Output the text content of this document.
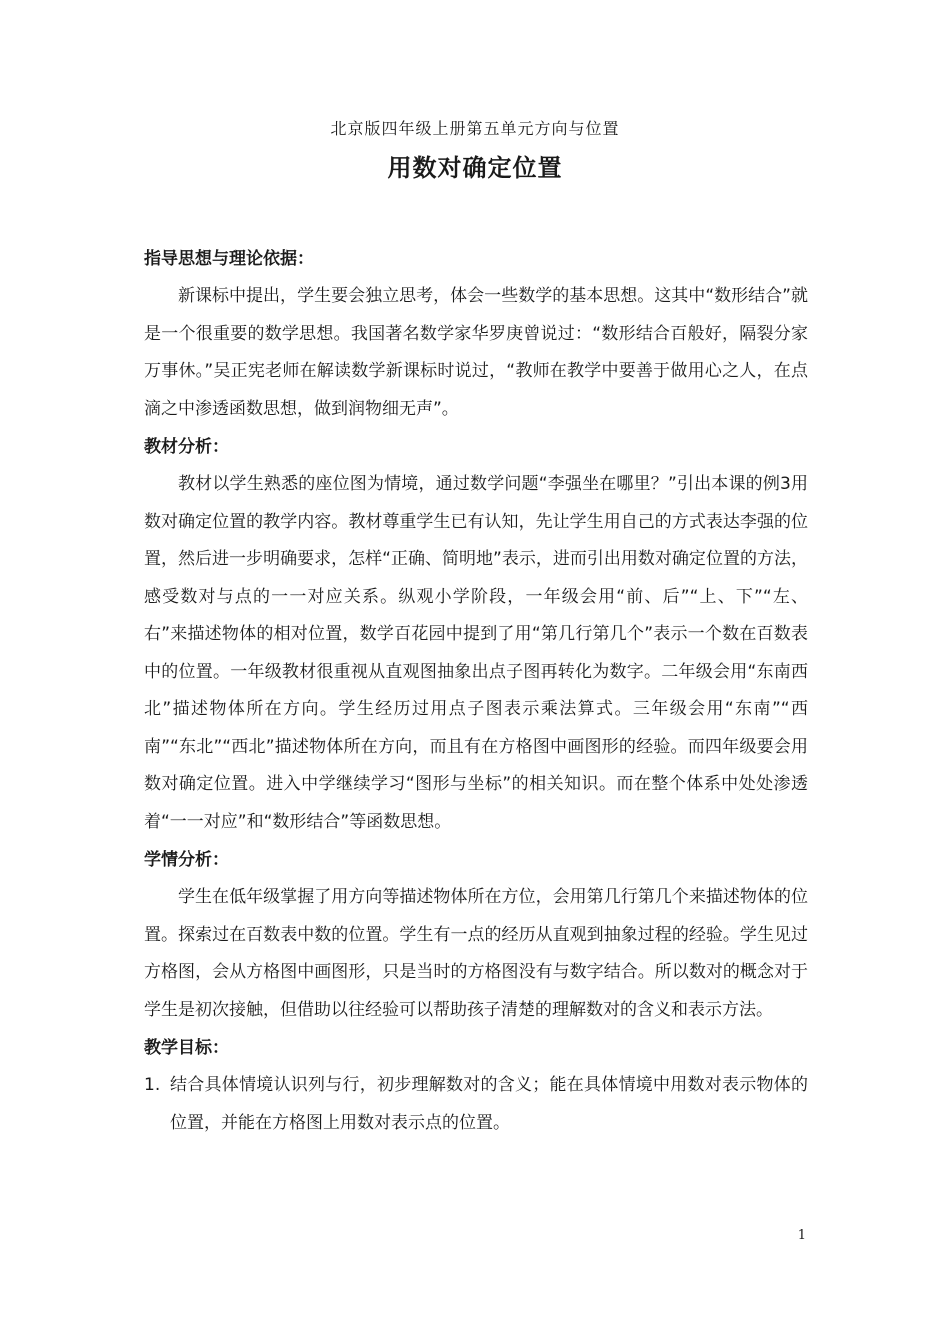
北京版四年级上册第五单元方向与位置
用数对确定位置
指导思想与理论依据：

新课标中提出，学生要会独立思考，体会一些数学的基本思想。这其中“数形结合”就是一个很重要的数学思想。我国著名数学家华罗庚曾说过：“数形结合百般好，隔裂分家万事休。”吴正宪老师在解读数学新课标时说过，“教师在教学中要善于做用心之人，在点滴之中渗透函数思想，做到润物细无声”。

教材分析：

教材以学生熟悉的座位图为情境，通过数学问题“李强坐在哪里？”引出本课的例3用数对确定位置的教学内容。教材尊重学生已有认知，先让学生用自己的方式表达李强的位置，然后进一步明确要求，怎样“正确、简明地”表示，进而引出用数对确定位置的方法，感受数对与点的一一对应关系。纵观小学阶段，一年级会用“前、后”“上、下”“左、右”来描述物体的相对位置，数学百花园中提到了用“第几行第几个”表示一个数在百数表中的位置。一年级教材很重视从直观图抽象出点子图再转化为数字。二年级会用“东南西北”描述物体所在方向。学生经历过用点子图表示乘法算式。三年级会用“东南”“西南”“东北”“西北”描述物体所在方向，而且有在方格图中画图形的经验。而四年级要会用数对确定位置。进入中学继续学习“图形与坐标”的相关知识。而在整个体系中处处渗透着“一一对应”和“数形结合”等函数思想。

学情分析：

学生在低年级掌握了用方向等描述物体所在方位，会用第几行第几个来描述物体的位置。探索过在百数表中数的位置。学生有一点的经历从直观到抽象过程的经验。学生见过方格图，会从方格图中画图形，只是当时的方格图没有与数字结合。所以数对的概念对于学生是初次接触，但借助以往经验可以帮助孩子清楚的理解数对的含义和表示方法。

教学目标：
1. 结合具体情境认识列与行，初步理解数对的含义；能在具体情境中用数对表示物体的位置，并能在方格图上用数对表示点的位置。
1
